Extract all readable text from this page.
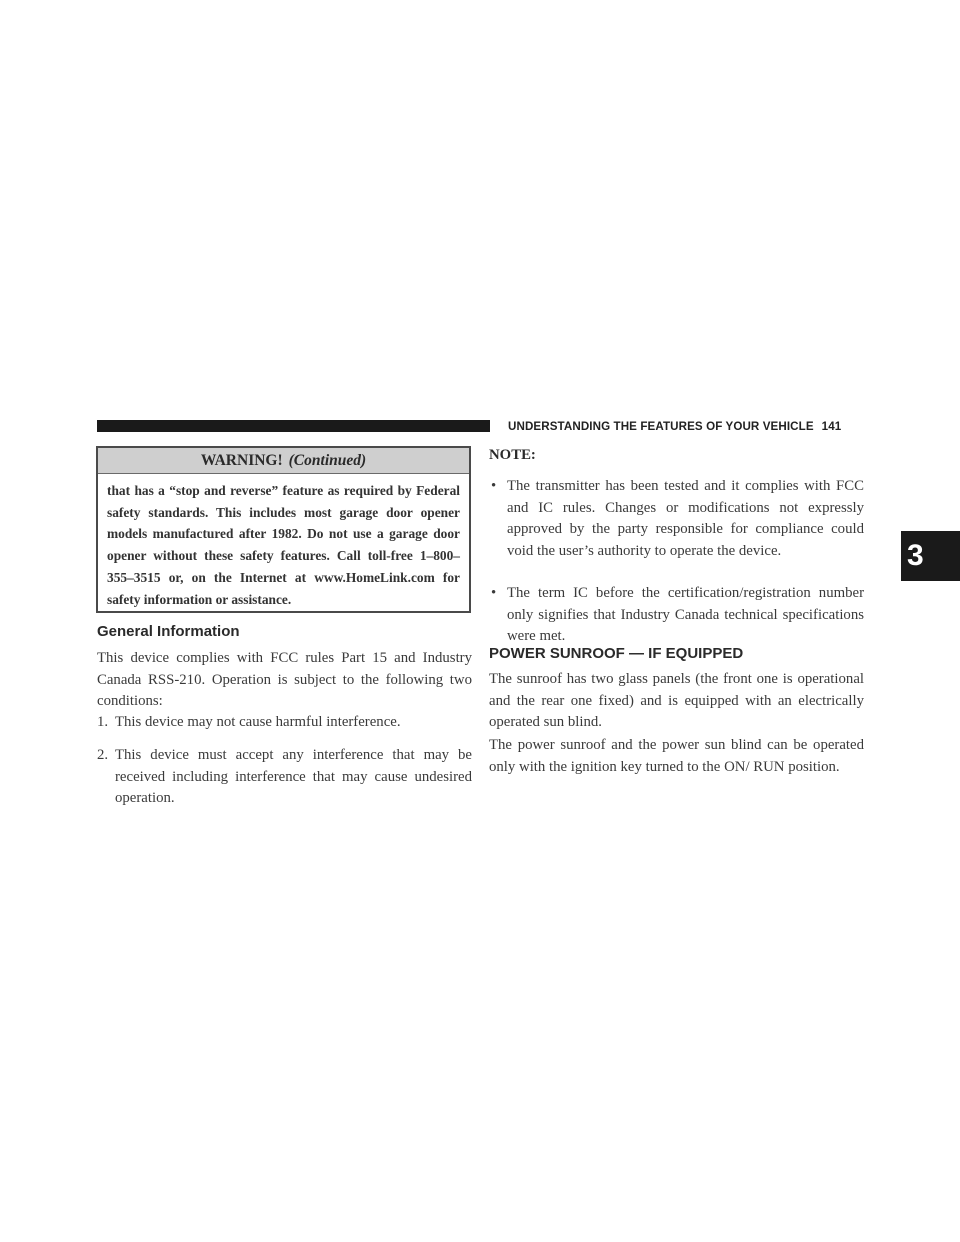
UNDERSTANDING THE FEATURES OF YOUR VEHICLE 141
3
WARNING! (Continued)
that has a “stop and reverse” feature as required by Federal safety standards. This includes most garage door opener models manufactured after 1982. Do not use a garage door opener without these safety features. Call toll-free 1–800–355–3515 or, on the Internet at www.HomeLink.com for safety information or assistance.
General Information

This device complies with FCC rules Part 15 and Industry Canada RSS-210. Operation is subject to the following two conditions:

1. This device may not cause harmful interference.
2. This device must accept any interference that may be received including interference that may cause undesired operation.
NOTE:
• The transmitter has been tested and it complies with FCC and IC rules. Changes or modifications not expressly approved by the party responsible for compliance could void the user’s authority to operate the device.
• The term IC before the certification/registration number only signifies that Industry Canada technical specifications were met.
POWER SUNROOF — IF EQUIPPED

The sunroof has two glass panels (the front one is operational and the rear one fixed) and is equipped with an electrically operated sun blind.

The power sunroof and the power sun blind can be operated only with the ignition key turned to the ON/ RUN position.
